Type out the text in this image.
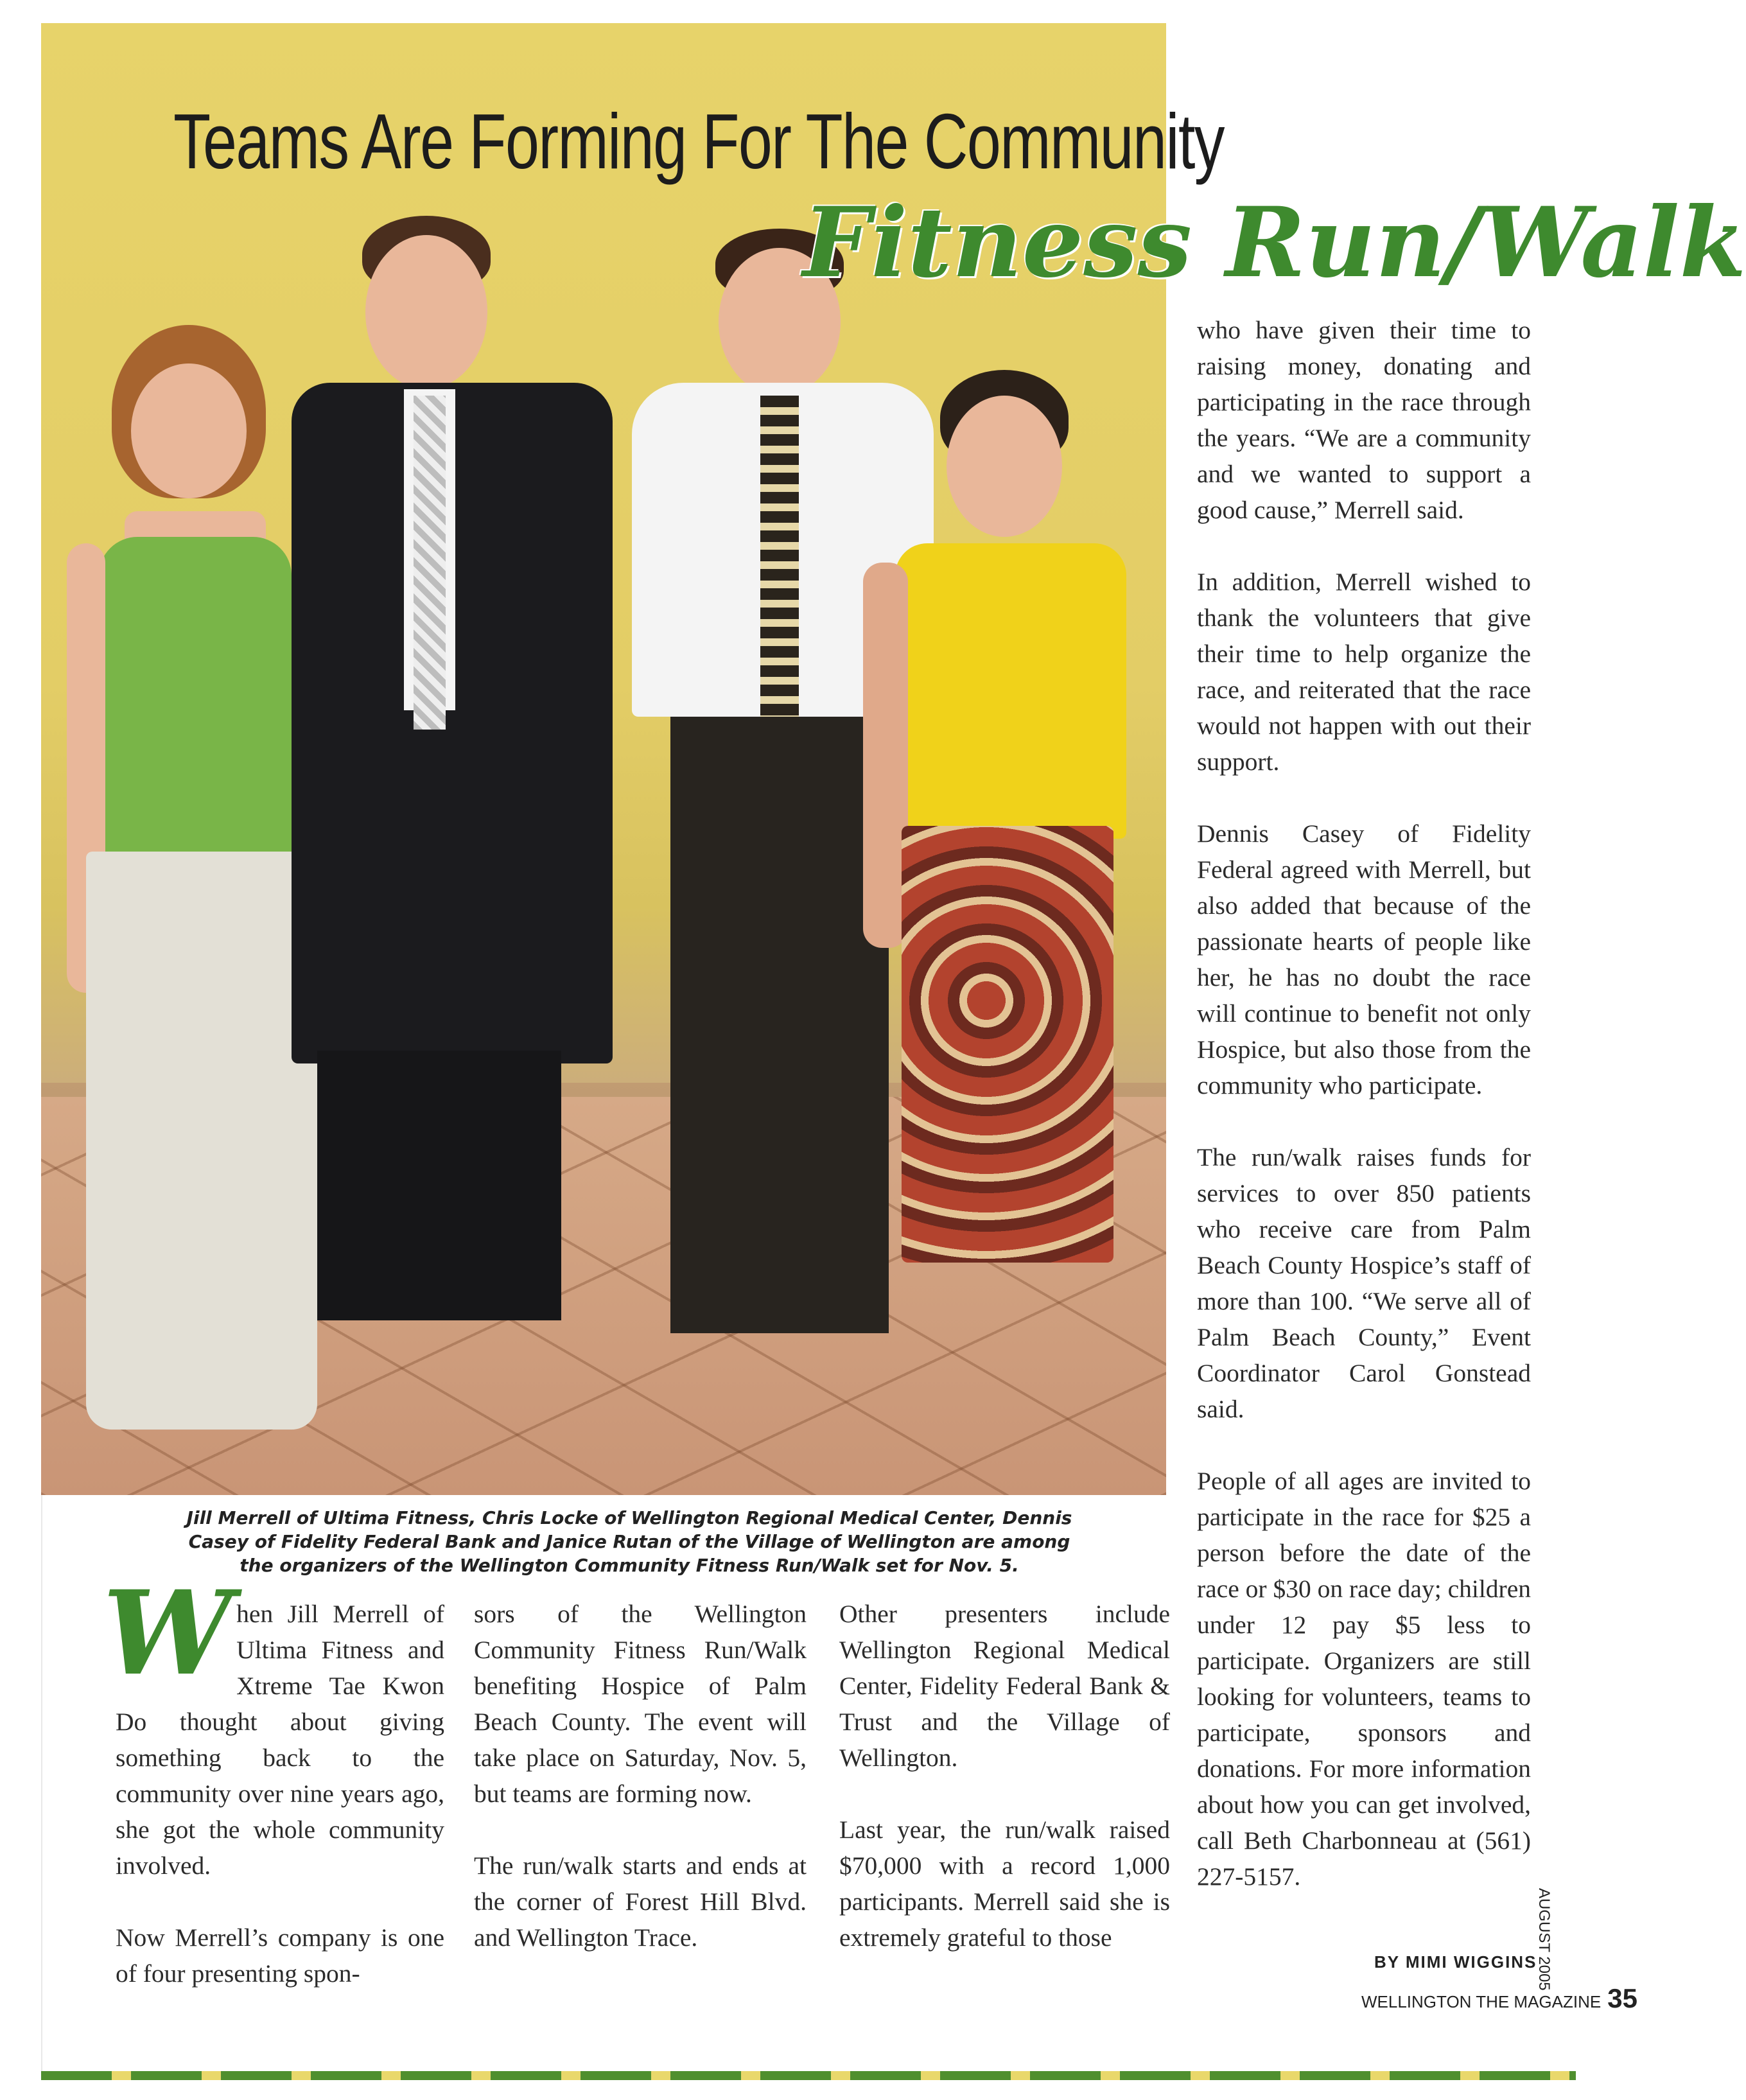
Teams Are Forming For The Community
Fitness Run/Walk

Jill Merrell of Ultima Fitness, Chris Locke of Wellington Regional Medical Center, Dennis Casey of Fidelity Federal Bank and Janice Rutan of the Village of Wellington are among the organizers of the Wellington Community Fitness Run/Walk set for Nov. 5.

When Jill Merrell of Ultima Fitness and Xtreme Tae Kwon Do thought about giving something back to the community over nine years ago, she got the whole community involved.

Now Merrell’s company is one of four presenting spon-

sors of the Wellington Community Fitness Run/Walk benefiting Hospice of Palm Beach County. The event will take place on Saturday, Nov. 5, but teams are forming now.

The run/walk starts and ends at the corner of Forest Hill Blvd. and Wellington Trace.

Other presenters include Wellington Regional Medical Center, Fidelity Federal Bank & Trust and the Village of Wellington.

Last year, the run/walk raised $70,000 with a record 1,000 participants. Merrell said she is extremely grateful to those

who have given their time to raising money, donating and participating in the race through the years. “We are a community and we wanted to support a good cause,” Merrell said.

In addition, Merrell wished to thank the volunteers that give their time to help organize the race, and reiterated that the race would not happen with out their support.

Dennis Casey of Fidelity Federal agreed with Merrell, but also added that because of the passionate hearts of people like her, he has no doubt the race will continue to benefit not only Hospice, but also those from the community who participate.

The run/walk raises funds for services to over 850 patients who receive care from Palm Beach County Hospice’s staff of more than 100. “We serve all of Palm Beach County,” Event Coordinator Carol Gonstead said.

People of all ages are invited to participate in the race for $25 a person before the date of the race or $30 on race day; children under 12 pay $5 less to participate. Organizers are still looking for volunteers, teams to participate, sponsors and donations. For more information about how you can get involved, call Beth Charbonneau at (561) 227-5157.

BY MIMI WIGGINS

WELLINGTON THE MAGAZINE 35

AUGUST 2005
